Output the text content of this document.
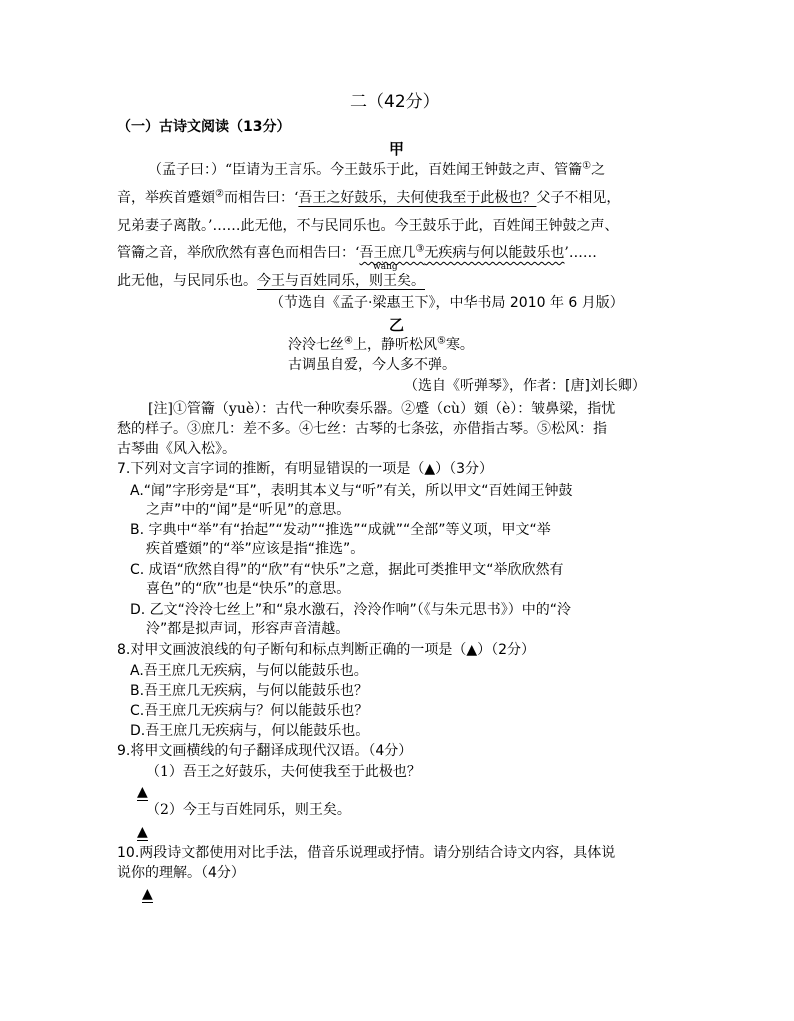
二（42分）
（一）古诗文阅读（13分）
甲
（孟子曰：）“臣请为王言乐。今王鼓乐于此，百姓闻王钟鼓之声、管籥①之
音，举疾首蹙頞②而相告曰：‘吾王之好鼓乐，夫何使我至于此极也？父子不相见，
兄弟妻子离散。’……此无他，不与民同乐也。今王鼓乐于此，百姓闻王钟鼓之声、
管籥之音，举欣欣然有喜色而相告曰：‘吾王庶几③无疾病与何以能鼓乐也’……
wàng
此无他，与民同乐也。今王与百姓同乐，则王矣。
（节选自《孟子·梁惠王下》，中华书局 2010 年 6 月版）
乙
泠泠七丝④上，静听松风⑤寒。
古调虽自爱，今人多不弹。
（选自《听弹琴》，作者：[唐]刘长卿）
[注]①管籥（yuè）：古代一种吹奏乐器。②蹙（cù）頞（è）：皱鼻梁，指忧
愁的样子。③庶几：差不多。④七丝：古琴的七条弦，亦借指古琴。⑤松风：指
古琴曲《风入松》。
7.下列对文言字词的推断，有明显错误的一项是（▲）（3分）
A.“闻”字形旁是“耳”，表明其本义与“听”有关，所以甲文“百姓闻王钟鼓
之声”中的“闻”是“听见”的意思。
B. 字典中“举”有“抬起”“发动”“推选”“成就”“全部”等义项，甲文“举
疾首蹙頞”的“举”应该是指“推选”。
C. 成语“欣然自得”的“欣”有“快乐”之意，据此可类推甲文“举欣欣然有
喜色”的“欣”也是“快乐”的意思。
D. 乙文“泠泠七丝上”和“泉水激石，泠泠作响”（《与朱元思书》）中的“泠
泠”都是拟声词，形容声音清越。
8.对甲文画波浪线的句子断句和标点判断正确的一项是（▲）（2分）
A.吾王庶几无疾病，与何以能鼓乐也。
B.吾王庶几无疾病，与何以能鼓乐也？
C.吾王庶几无疾病与？何以能鼓乐也？
D.吾王庶几无疾病与，何以能鼓乐也。
9.将甲文画横线的句子翻译成现代汉语。（4分）
（1）吾王之好鼓乐，夫何使我至于此极也？
▲
（2）今王与百姓同乐，则王矣。
▲
10.两段诗文都使用对比手法，借音乐说理或抒情。请分别结合诗文内容，具体说
说你的理解。（4分）
▲
